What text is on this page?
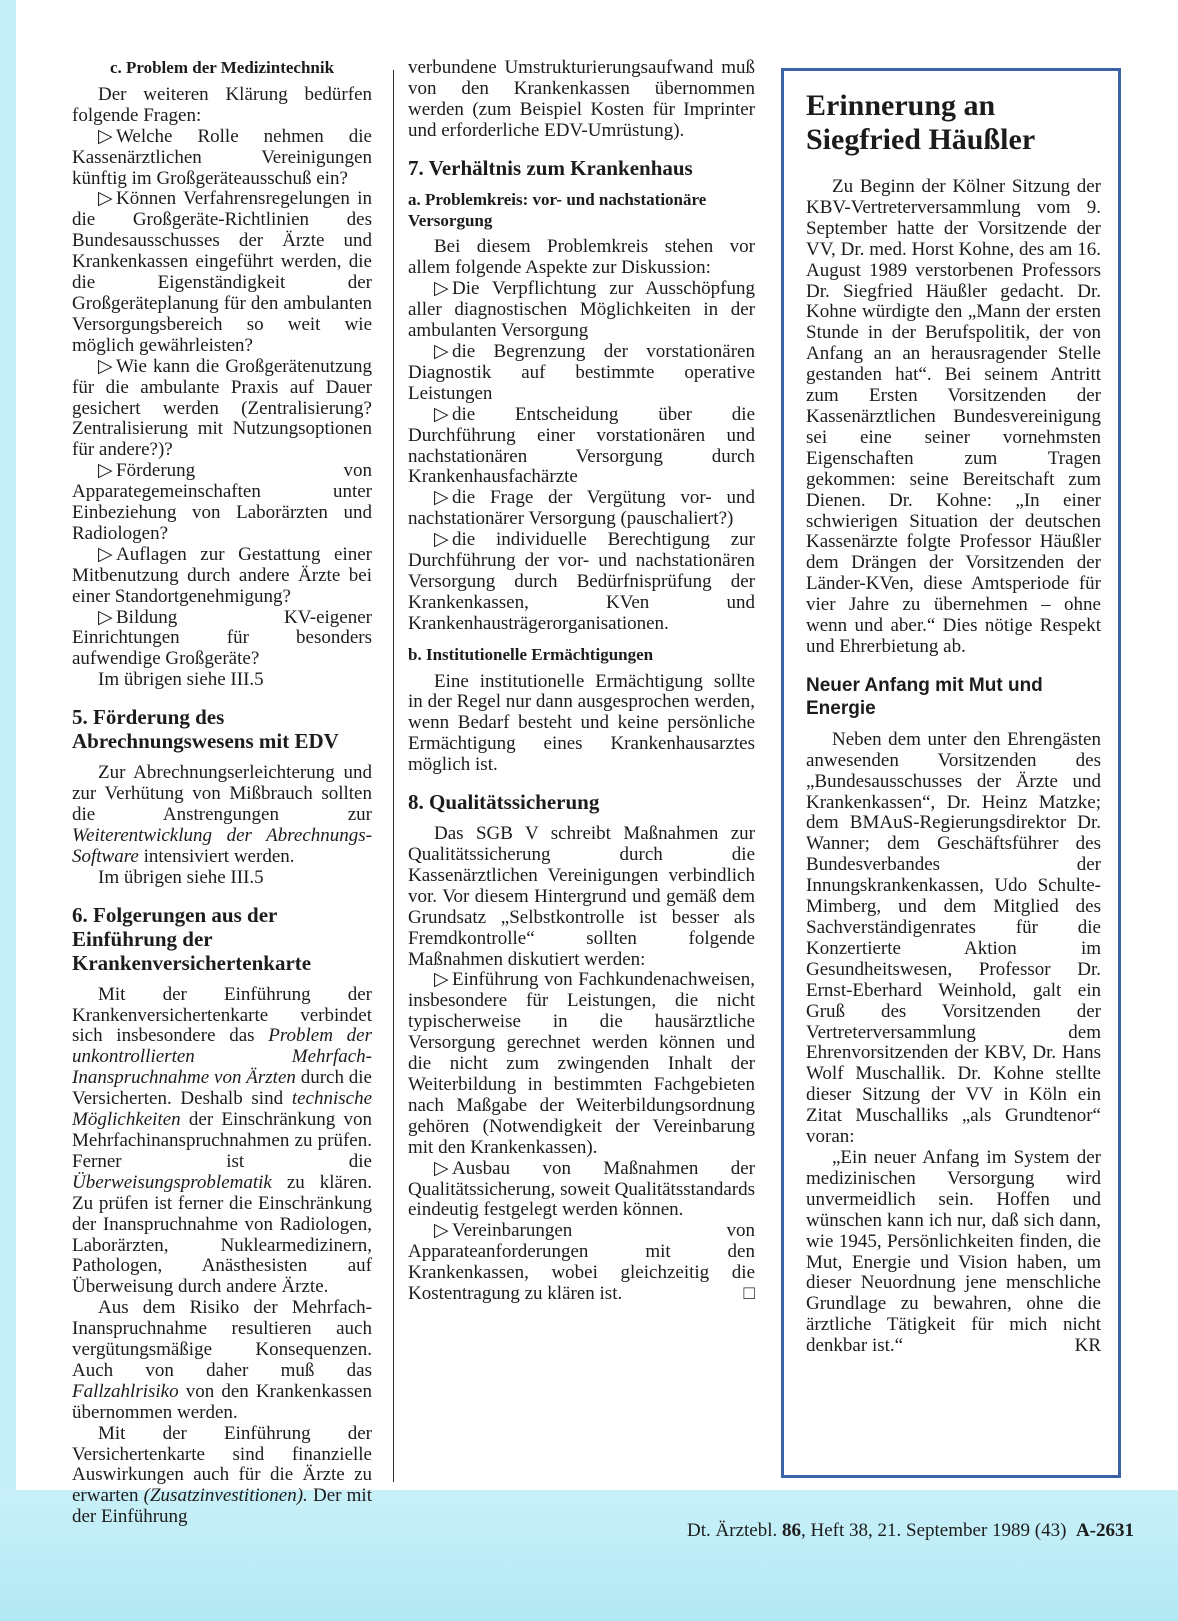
c. Problem der Medizintechnik

Der weiteren Klärung bedürfen folgende Fragen:

▷ Welche Rolle nehmen die Kassenärztlichen Vereinigungen künftig im Großgeräteausschuß ein?

▷ Können Verfahrensregelungen in die Großgeräte-Richtlinien des Bundesausschusses der Ärzte und Krankenkassen eingeführt werden, die die Eigenständigkeit der Großgeräteplanung für den ambulanten Versorgungsbereich so weit wie möglich gewährleisten?

▷ Wie kann die Großgerätenutzung für die ambulante Praxis auf Dauer gesichert werden (Zentralisierung? Zentralisierung mit Nutzungsoptionen für andere?)?

▷ Förderung von Apparategemeinschaften unter Einbeziehung von Laborärzten und Radiologen?

▷ Auflagen zur Gestattung einer Mitbenutzung durch andere Ärzte bei einer Standortgenehmigung?

▷ Bildung KV-eigener Einrichtungen für besonders aufwendige Großgeräte?

Im übrigen siehe III.5

5. Förderung des Abrechnungswesens mit EDV

Zur Abrechnungserleichterung und zur Verhütung von Mißbrauch sollten die Anstrengungen zur Weiterentwicklung der Abrechnungs-Software intensiviert werden.

Im übrigen siehe III.5

6. Folgerungen aus der Einführung der Krankenversichertenkarte

Mit der Einführung der Krankenversichertenkarte verbindet sich insbesondere das Problem der unkontrollierten Mehrfach-Inanspruchnahme von Ärzten durch die Versicherten. Deshalb sind technische Möglichkeiten der Einschränkung von Mehrfachinanspruchnahmen zu prüfen. Ferner ist die Überweisungsproblematik zu klären. Zu prüfen ist ferner die Einschränkung der Inanspruchnahme von Radiologen, Laborärzten, Nuklearmedizinern, Pathologen, Anästhesisten auf Überweisung durch andere Ärzte.

Aus dem Risiko der Mehrfach-Inanspruchnahme resultieren auch vergütungsmäßige Konsequenzen. Auch von daher muß das Fallzahlrisiko von den Krankenkassen übernommen werden.

Mit der Einführung der Versichertenkarte sind finanzielle Auswirkungen auch für die Ärzte zu erwarten (Zusatzinvestitionen). Der mit der Einführung

verbundene Umstrukturierungsaufwand muß von den Krankenkassen übernommen werden (zum Beispiel Kosten für Imprinter und erforderliche EDV-Umrüstung).

7. Verhältnis zum Krankenhaus
a. Problemkreis: vor- und nachstationäre Versorgung

Bei diesem Problemkreis stehen vor allem folgende Aspekte zur Diskussion:

▷ Die Verpflichtung zur Ausschöpfung aller diagnostischen Möglichkeiten in der ambulanten Versorgung

▷ die Begrenzung der vorstationären Diagnostik auf bestimmte operative Leistungen

▷ die Entscheidung über die Durchführung einer vorstationären und nachstationären Versorgung durch Krankenhausfachärzte

▷ die Frage der Vergütung vor- und nachstationärer Versorgung (pauschaliert?)

▷ die individuelle Berechtigung zur Durchführung der vor- und nachstationären Versorgung durch Bedürfnisprüfung der Krankenkassen, KVen und Krankenhausträgerorganisationen.

b. Institutionelle Ermächtigungen

Eine institutionelle Ermächtigung sollte in der Regel nur dann ausgesprochen werden, wenn Bedarf besteht und keine persönliche Ermächtigung eines Krankenhausarztes möglich ist.

8. Qualitätssicherung

Das SGB V schreibt Maßnahmen zur Qualitätssicherung durch die Kassenärztlichen Vereinigungen verbindlich vor. Vor diesem Hintergrund und gemäß dem Grundsatz „Selbstkontrolle ist besser als Fremdkontrolle“ sollten folgende Maßnahmen diskutiert werden:

▷ Einführung von Fachkundenachweisen, insbesondere für Leistungen, die nicht typischerweise in die hausärztliche Versorgung gerechnet werden können und die nicht zum zwingenden Inhalt der Weiterbildung in bestimmten Fachgebieten nach Maßgabe der Weiterbildungsordnung gehören (Notwendigkeit der Vereinbarung mit den Krankenkassen).

▷ Ausbau von Maßnahmen der Qualitätssicherung, soweit Qualitätsstandards eindeutig festgelegt werden können.

▷ Vereinbarungen von Apparateanforderungen mit den Krankenkassen, wobei gleichzeitig die Kostentragung zu klären ist.	□

Erinnerung an Siegfried Häußler

Zu Beginn der Kölner Sitzung der KBV-Vertreterversammlung vom 9. September hatte der Vorsitzende der VV, Dr. med. Horst Kohne, des am 16. August 1989 verstorbenen Professors Dr. Siegfried Häußler gedacht. Dr. Kohne würdigte den „Mann der ersten Stunde in der Berufspolitik, der von Anfang an an herausragender Stelle gestanden hat“. Bei seinem Antritt zum Ersten Vorsitzenden der Kassenärztlichen Bundesvereinigung sei eine seiner vornehmsten Eigenschaften zum Tragen gekommen: seine Bereitschaft zum Dienen. Dr. Kohne: „In einer schwierigen Situation der deutschen Kassenärzte folgte Professor Häußler dem Drängen der Vorsitzenden der Länder-KVen, diese Amtsperiode für vier Jahre zu übernehmen – ohne wenn und aber.“ Dies nötige Respekt und Ehrerbietung ab.

Neuer Anfang mit Mut und Energie

Neben dem unter den Ehrengästen anwesenden Vorsitzenden des „Bundesausschusses der Ärzte und Krankenkassen“, Dr. Heinz Matzke; dem BMAuS-Regierungsdirektor Dr. Wanner; dem Geschäftsführer des Bundesverbandes der Innungskrankenkassen, Udo Schulte-Mimberg, und dem Mitglied des Sachverständigenrates für die Konzertierte Aktion im Gesundheitswesen, Professor Dr. Ernst-Eberhard Weinhold, galt ein Gruß des Vorsitzenden der Vertreterversammlung dem Ehrenvorsitzenden der KBV, Dr. Hans Wolf Muschallik. Dr. Kohne stellte dieser Sitzung der VV in Köln ein Zitat Muschalliks „als Grundtenor“ voran:

„Ein neuer Anfang im System der medizinischen Versorgung wird unvermeidlich sein. Hoffen und wünschen kann ich nur, daß sich dann, wie 1945, Persönlichkeiten finden, die Mut, Energie und Vision haben, um dieser Neuordnung jene menschliche Grundlage zu bewahren, ohne die ärztliche Tätigkeit für mich nicht denkbar ist.“	KR

Dt. Ärztebl. 86, Heft 38, 21. September 1989 (43) A-2631
